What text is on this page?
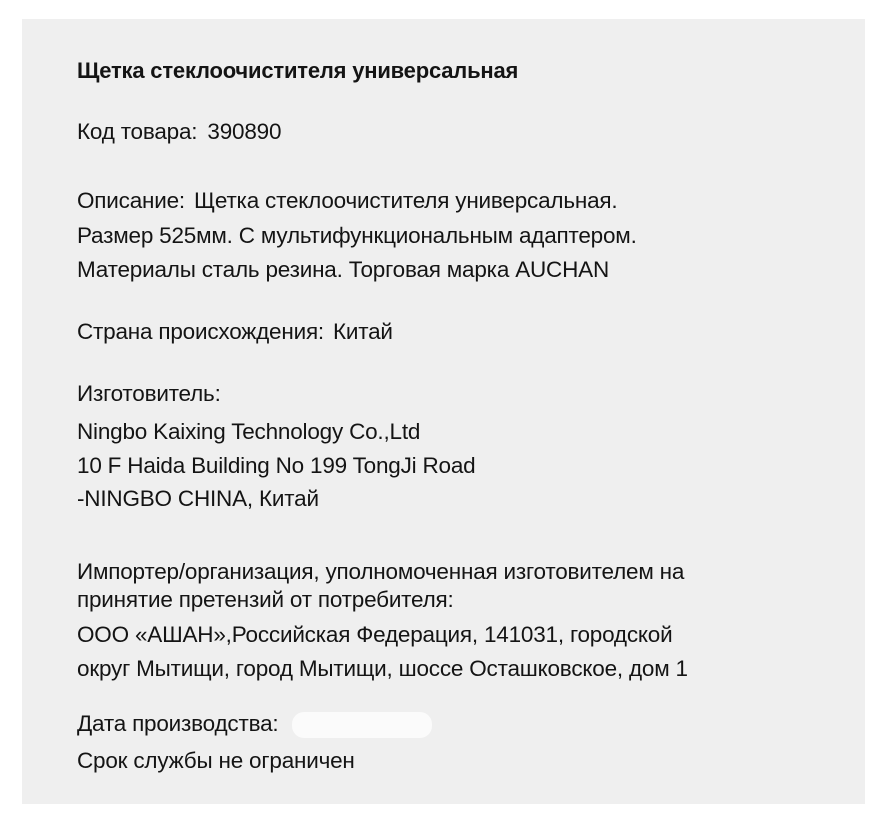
Щетка стеклоочистителя универсальная
Код товара: 390890
Описание: Щетка стеклоочистителя универсальная.
Размер 525мм. С мультифункциональным адаптером.
Материалы сталь резина. Торговая марка AUCHAN
Страна происхождения: Китай
Изготовитель:
Ningbo Kaixing Technology Co.,Ltd
10 F Haida Building No 199 TongJi Road
-NINGBO CHINA, Китай
Импортер/организация, уполномоченная изготовителем на
принятие претензий от потребителя:
ООО «АШАН»,Российская Федерация, 141031, городской
округ Мытищи, город Мытищи, шоссе Осташковское, дом 1
Дата производства:
Срок службы не ограничен
